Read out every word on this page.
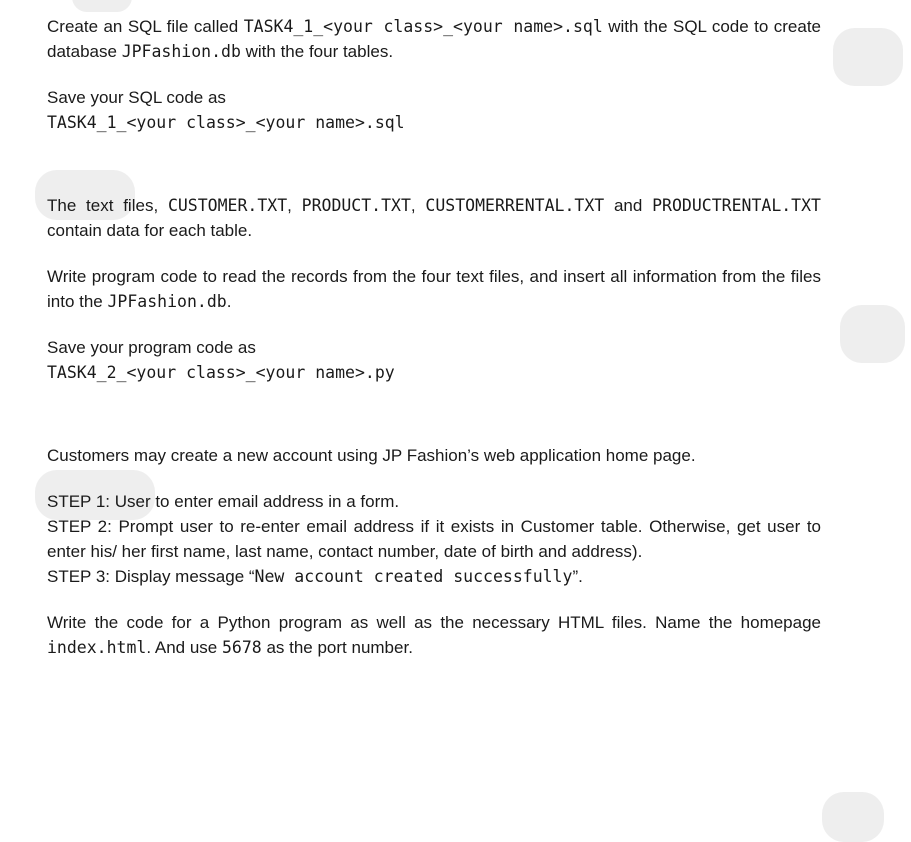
Create an SQL file called TASK4_1_<your class>_<your name>.sql with the SQL code to create database JPFashion.db with the four tables.

Save your SQL code as
TASK4_1_<your class>_<your name>.sql

The text files, CUSTOMER.TXT, PRODUCT.TXT, CUSTOMERRENTAL.TXT and PRODUCTRENTAL.TXT contain data for each table.

Write program code to read the records from the four text files, and insert all information from the files into the JPFashion.db.

Save your program code as
TASK4_2_<your class>_<your name>.py

Customers may create a new account using JP Fashion’s web application home page.

STEP 1: User to enter email address in a form.

STEP 2: Prompt user to re-enter email address if it exists in Customer table. Otherwise, get user to enter his/ her first name, last name, contact number, date of birth and address).

STEP 3: Display message “New account created successfully”.

Write the code for a Python program as well as the necessary HTML files. Name the homepage index.html. And use 5678 as the port number.
